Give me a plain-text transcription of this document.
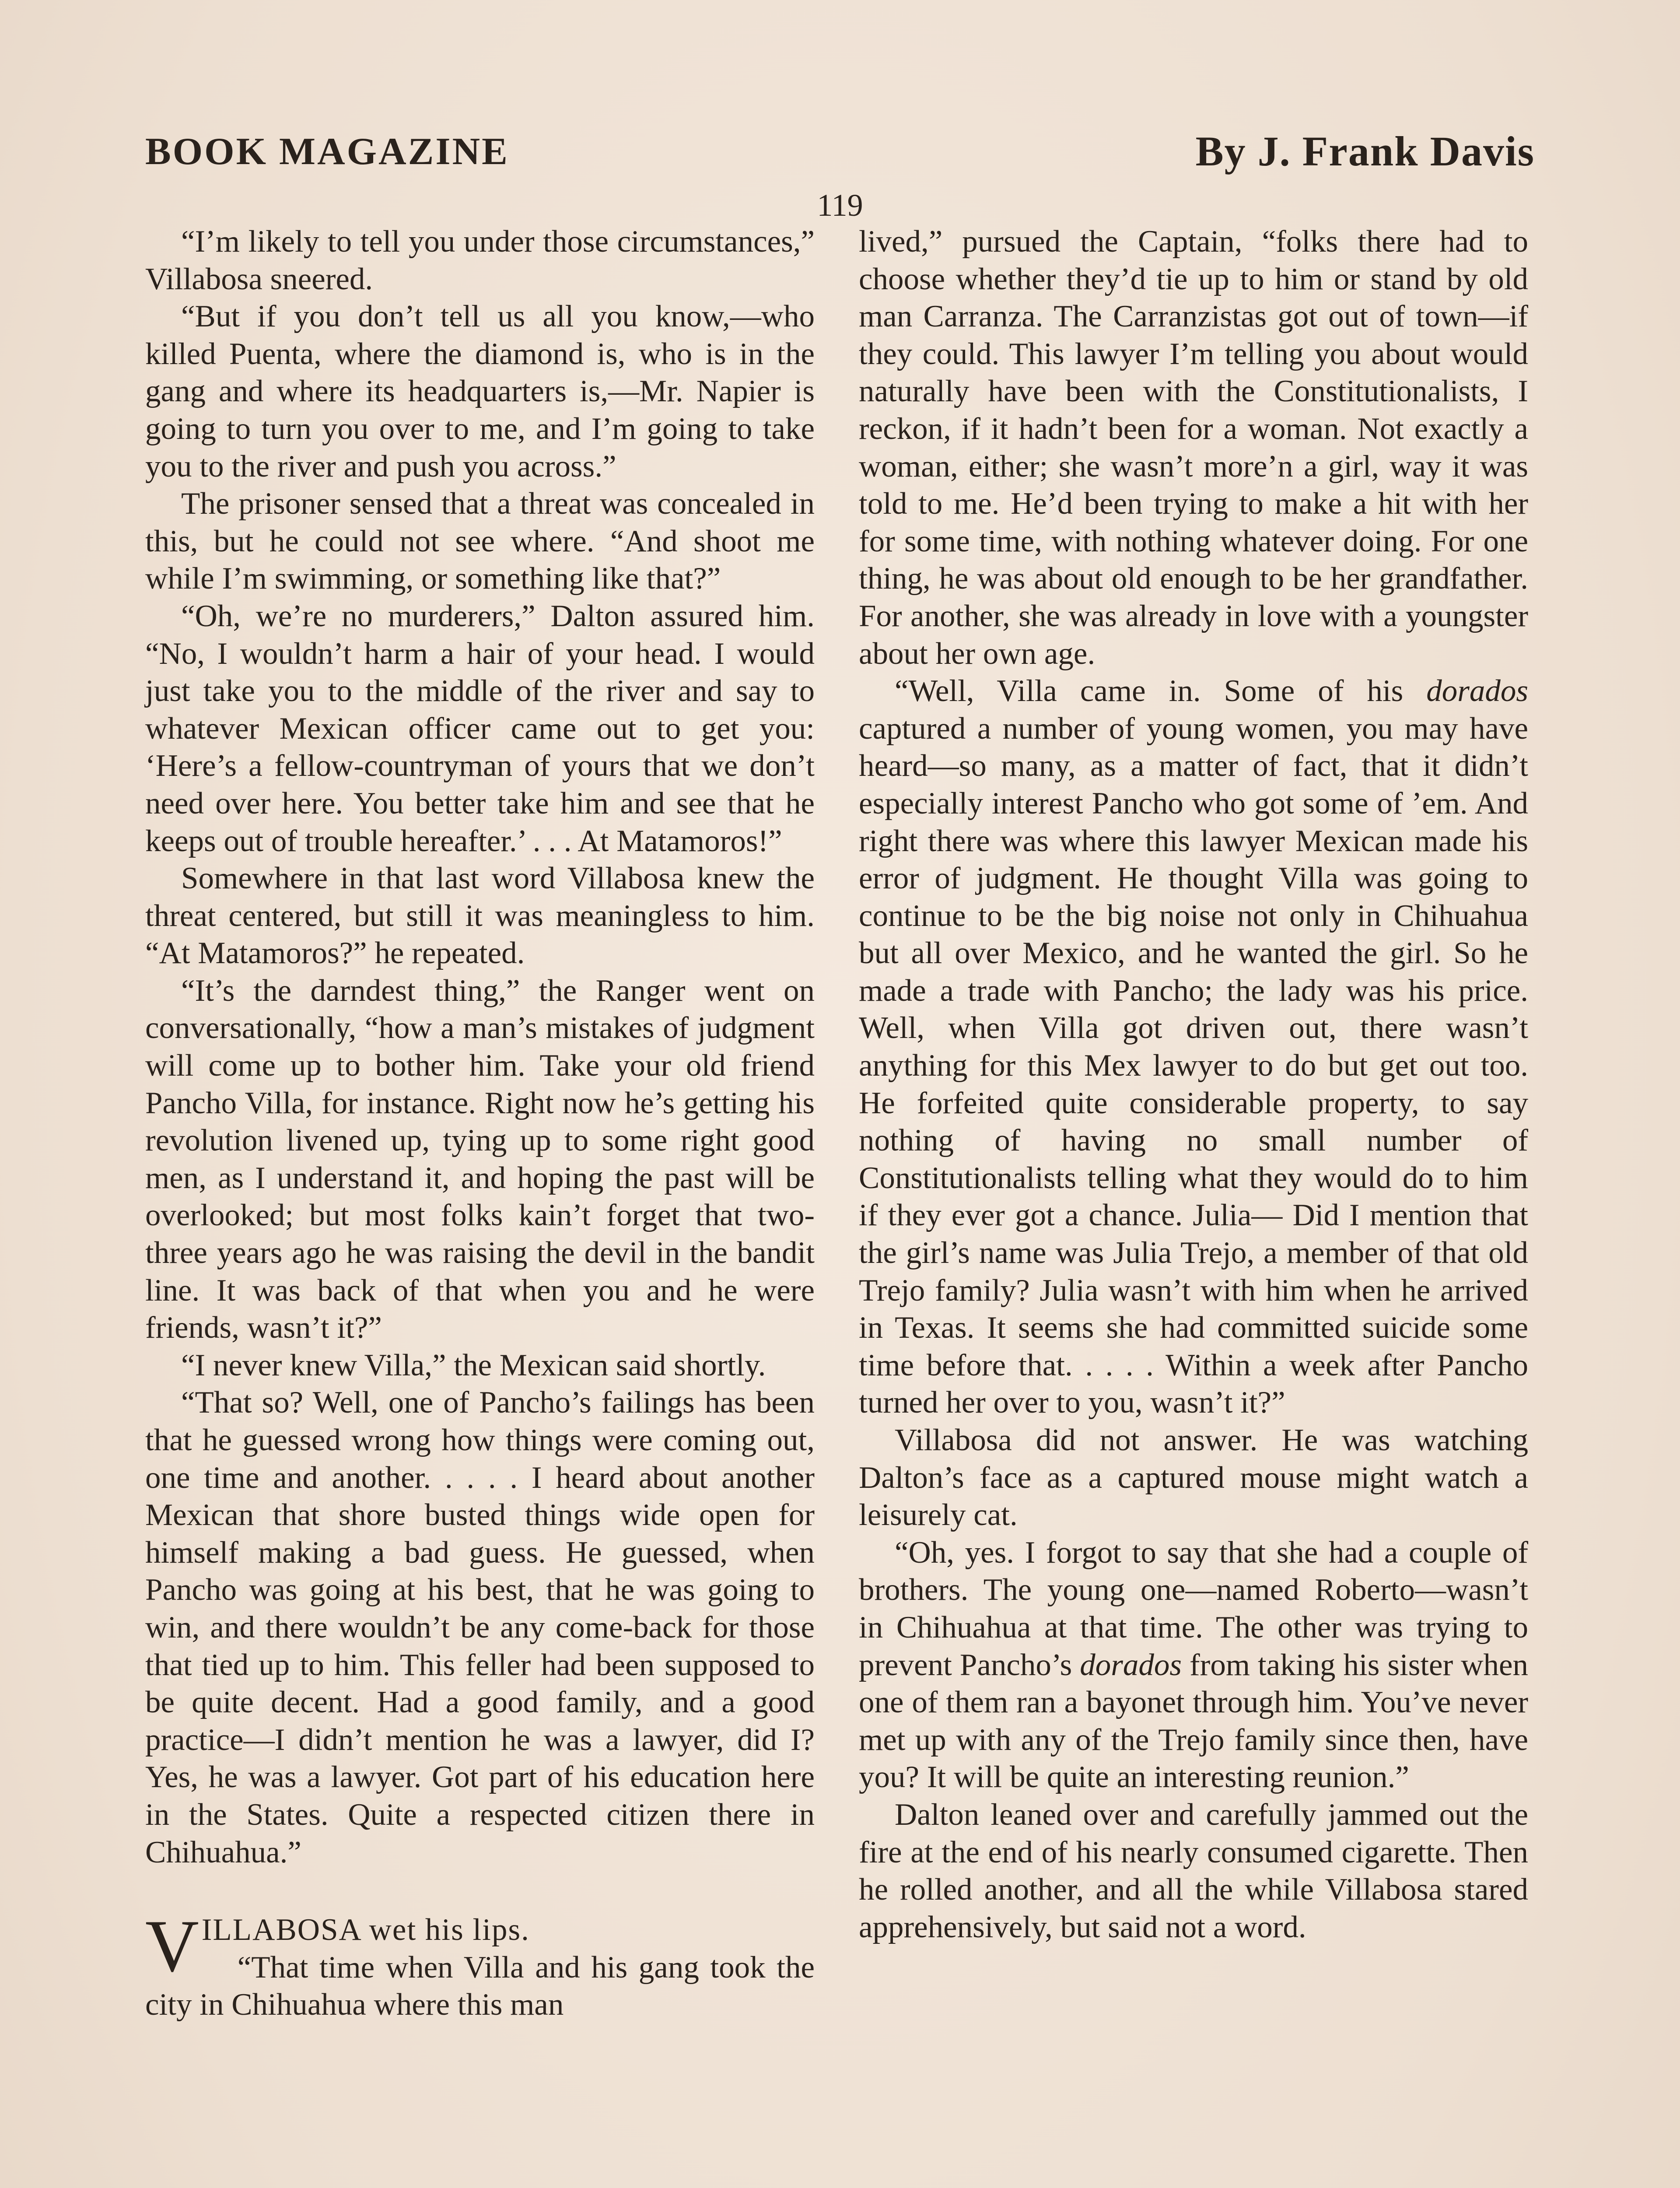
BOOK MAGAZINE	By J. Frank Davis
119

“I’m likely to tell you under those circumstances,” Villabosa sneered.

“But if you don’t tell us all you know,—who killed Puenta, where the diamond is, who is in the gang and where its headquarters is,—Mr. Napier is going to turn you over to me, and I’m going to take you to the river and push you across.”

The prisoner sensed that a threat was concealed in this, but he could not see where. “And shoot me while I’m swimming, or something like that?”

“Oh, we’re no murderers,” Dalton assured him. “No, I wouldn’t harm a hair of your head. I would just take you to the middle of the river and say to whatever Mexican officer came out to get you: ‘Here’s a fellow-countryman of yours that we don’t need over here. You better take him and see that he keeps out of trouble hereafter.’ . . . At Matamoros!”

Somewhere in that last word Villabosa knew the threat centered, but still it was meaningless to him. “At Matamoros?” he repeated.

“It’s the darndest thing,” the Ranger went on conversationally, “how a man’s mistakes of judgment will come up to bother him. Take your old friend Pancho Villa, for instance. Right now he’s getting his revolution livened up, tying up to some right good men, as I understand it, and hoping the past will be overlooked; but most folks kain’t forget that two-three years ago he was raising the devil in the bandit line. It was back of that when you and he were friends, wasn’t it?”

“I never knew Villa,” the Mexican said shortly.

“That so? Well, one of Pancho’s failings has been that he guessed wrong how things were coming out, one time and another. . . . . I heard about another Mexican that shore busted things wide open for himself making a bad guess. He guessed, when Pancho was going at his best, that he was going to win, and there wouldn’t be any come-back for those that tied up to him. This feller had been supposed to be quite decent. Had a good family, and a good practice—I didn’t mention he was a lawyer, did I? Yes, he was a lawyer. Got part of his education here in the States. Quite a respected citizen there in Chihuahua.”

VILLABOSA wet his lips.

“That time when Villa and his gang took the city in Chihuahua where this man

lived,” pursued the Captain, “folks there had to choose whether they’d tie up to him or stand by old man Carranza. The Carranzistas got out of town—if they could. This lawyer I’m telling you about would naturally have been with the Constitutionalists, I reckon, if it hadn’t been for a woman. Not exactly a woman, either; she wasn’t more’n a girl, way it was told to me. He’d been trying to make a hit with her for some time, with nothing whatever doing. For one thing, he was about old enough to be her grandfather. For another, she was already in love with a youngster about her own age.

“Well, Villa came in. Some of his dorados captured a number of young women, you may have heard—so many, as a matter of fact, that it didn’t especially interest Pancho who got some of ’em. And right there was where this lawyer Mexican made his error of judgment. He thought Villa was going to continue to be the big noise not only in Chihuahua but all over Mexico, and he wanted the girl. So he made a trade with Pancho; the lady was his price. Well, when Villa got driven out, there wasn’t anything for this Mex lawyer to do but get out too. He forfeited quite considerable property, to say nothing of having no small number of Constitutionalists telling what they would do to him if they ever got a chance. Julia— Did I mention that the girl’s name was Julia Trejo, a member of that old Trejo family? Julia wasn’t with him when he arrived in Texas. It seems she had committed suicide some time before that. . . . . Within a week after Pancho turned her over to you, wasn’t it?”

Villabosa did not answer. He was watching Dalton’s face as a captured mouse might watch a leisurely cat.

“Oh, yes. I forgot to say that she had a couple of brothers. The young one—named Roberto—wasn’t in Chihuahua at that time. The other was trying to prevent Pancho’s dorados from taking his sister when one of them ran a bayonet through him. You’ve never met up with any of the Trejo family since then, have you? It will be quite an interesting reunion.”

Dalton leaned over and carefully jammed out the fire at the end of his nearly consumed cigarette. Then he rolled another, and all the while Villabosa stared apprehensively, but said not a word.
